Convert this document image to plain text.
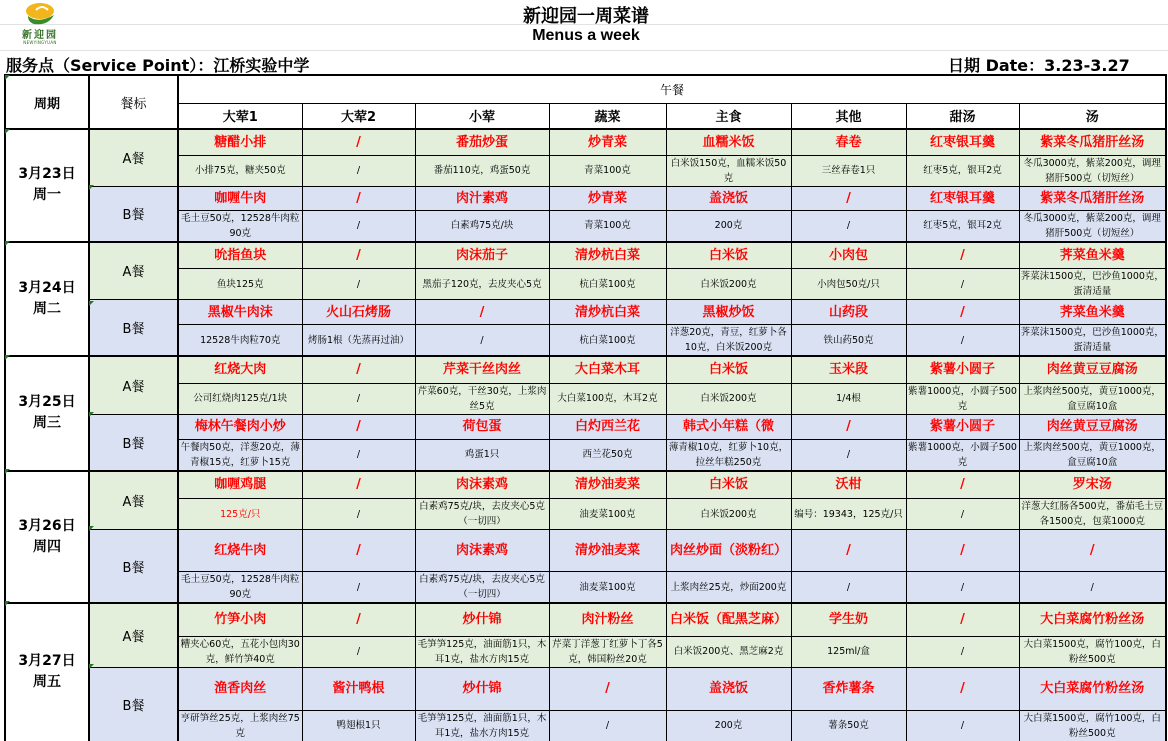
新迎园
NEWYINGYUAN
新迎园一周菜谱
Menus a week
服务点（Service Point）：江桥实验中学	日期 Date：3.23-3.27
周期	餐标	午餐							
		大荤1	大荤2	小荤	蔬菜	主食	其他	甜汤	汤

3月23日
周一	A餐	糖醋小排	/	番茄炒蛋	炒青菜	血糯米饭	春卷	红枣银耳羹	紫菜冬瓜猪肝丝汤
		小排75克，糖夹50克	/	番茄110克，鸡蛋50克	青菜100克	白米饭150克，血糯米饭50克	三丝春卷1只	红枣5克，银耳2克	冬瓜3000克，紫菜200克，调理猪肝500克（切短丝）
	B餐	咖喱牛肉	/	肉汁素鸡	炒青菜	盖浇饭	/	红枣银耳羹	紫菜冬瓜猪肝丝汤
		毛土豆50克，12528牛肉粒90克	/	白素鸡75克/块	青菜100克	200克	/	红枣5克，银耳2克	冬瓜3000克，紫菜200克，调理猪肝500克（切短丝）

3月24日
周二	A餐	吮指鱼块	/	肉沫茄子	清炒杭白菜	白米饭	小肉包	/	荠菜鱼米羹
		鱼块125克	/	黑茄子120克，去皮夹心5克	杭白菜100克	白米饭200克	小肉包50克/只	/	荠菜沫1500克，巴沙鱼1000克，蛋清适量
	B餐	黑椒牛肉沫	火山石烤肠	/	清炒杭白菜	黑椒炒饭	山药段	/	荠菜鱼米羹
		12528牛肉粒70克	烤肠1根（先蒸再过油）	/	杭白菜100克	洋葱20克，青豆，红萝卜各10克，白米饭200克	铁山药50克	/	荠菜沫1500克，巴沙鱼1000克，蛋清适量

3月25日
周三	A餐	红烧大肉	/	芹菜干丝肉丝	大白菜木耳	白米饭	玉米段	紫薯小圆子	肉丝黄豆豆腐汤
		公司红烧肉125克/1块	/	芹菜60克，干丝30克，上浆肉丝5克	大白菜100克，木耳2克	白米饭200克	1/4根	紫薯1000克，小圆子500克	上浆肉丝500克，黄豆1000克，盒豆腐10盒
	B餐	梅林午餐肉小炒	/	荷包蛋	白灼西兰花	韩式小年糕（微	/	紫薯小圆子	肉丝黄豆豆腐汤
		午餐肉50克，洋葱20克，薄青椒15克，红萝卜15克	/	鸡蛋1只	西兰花50克	薄青椒10克，红萝卜10克，拉丝年糕250克	/	紫薯1000克，小圆子500克	上浆肉丝500克，黄豆1000克，盒豆腐10盒

3月26日
周四	A餐	咖喱鸡腿	/	肉沫素鸡	清炒油麦菜	白米饭	沃柑	/	罗宋汤
		125克/只	/	白素鸡75克/块，去皮夹心5克（一切四）	油麦菜100克	白米饭200克	编号：19343，125克/只	/	洋葱大红肠各500克，番茄毛土豆各1500克，包菜1000克
	B餐	红烧牛肉	/	肉沫素鸡	清炒油麦菜	肉丝炒面（淡粉红）	/	/	/
		毛土豆50克，12528牛肉粒90克	/	白素鸡75克/块，去皮夹心5克（一切四）	油麦菜100克	上浆肉丝25克，炒面200克	/	/	/

3月27日
周五	A餐	竹笋小肉	/	炒什锦	肉汁粉丝	白米饭（配黑芝麻）	学生奶	/	大白菜腐竹粉丝汤
		糟夹心60克，五花小包肉30克，鲜竹笋40克	/	毛笋笋125克，油面筋1只，木耳1克，盐水方肉15克	芹菜丁洋葱丁红萝卜丁各5克，韩国粉丝20克	白米饭200克、黑芝麻2克	125ml/盒	/	大白菜1500克，腐竹100克，白粉丝500克
	B餐	渔香肉丝	酱汁鸭根	炒什锦	/	盖浇饭	香炸薯条	/	大白菜腐竹粉丝汤
		亨研笋丝25克，上浆肉丝75克	鸭翅根1只	毛笋笋125克，油面筋1只，木耳1克，盐水方肉15克	/	200克	薯条50克	/	大白菜1500克，腐竹100克，白粉丝500克
